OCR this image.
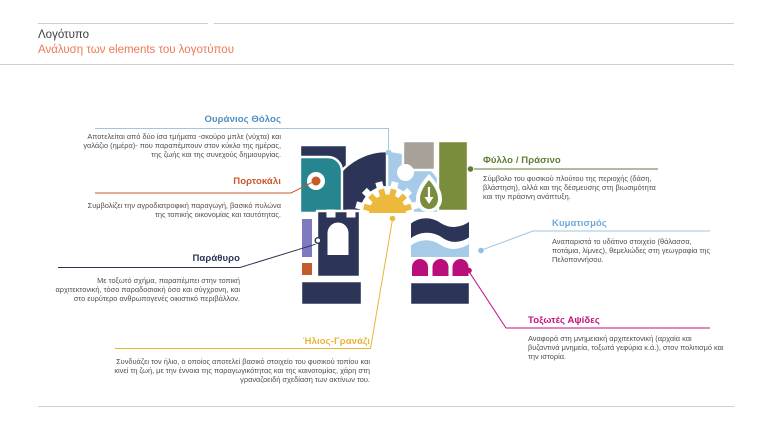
Λογότυπο
Ανάλυση των elements του λογοτύπου
Ουράνιος Θόλος
Αποτελείται από δύο ίσα τμήματα -σκούρο μπλε (νύχτα) και γαλάζιο (ημέρα)- που παραπέμπουν στον κύκλο της ημέρας, της ζωής και της συνεχούς δημιουργίας.
Πορτοκάλι
Συμβολίζει την αγροδιατροφική παραγωγή, βασικό πυλώνα της τοπικής οικονομίας και ταυτότητας.
Παράθυρο
Με τοξωτό σχήμα, παραπέμπει στην τοπική αρχιτεκτονική, τόσο παραδοσιακή όσο και σύγχρονη, και στο ευρύτερο ανθρωπογενές οικιστικό περιβάλλον.
Ήλιος-Γρανάζι
Συνδυάζει τον ήλιο, ο οποίος αποτελεί βασικό στοιχείο του φυσικού τοπίου και κινεί τη ζωή, με την έννοια της παραγωγικότητας και της καινοτομίας, χάρη στη γραναζοειδή σχεδίαση των ακτίνων του.
Φύλλο / Πράσινο
Σύμβολο του φυσικού πλούτου της περιοχής (δάση, βλάστηση), αλλά και της δέσμευσης στη βιωσιμότητα και την πράσινη ανάπτυξη.
Κυματισμός
Αναπαριστά το υδάτινο στοιχείο (θάλασσα, ποτάμια, λίμνες), θεμελιώδες στη γεωγραφία της Πελοποννήσου.
Τοξωτές Αψίδες
Αναφορά στη μνημειακή αρχιτεκτονική (αρχαία και βυζαντινά μνημεία, τοξωτά γεφύρια κ.ά.), στον πολιτισμό και την ιστορία.
